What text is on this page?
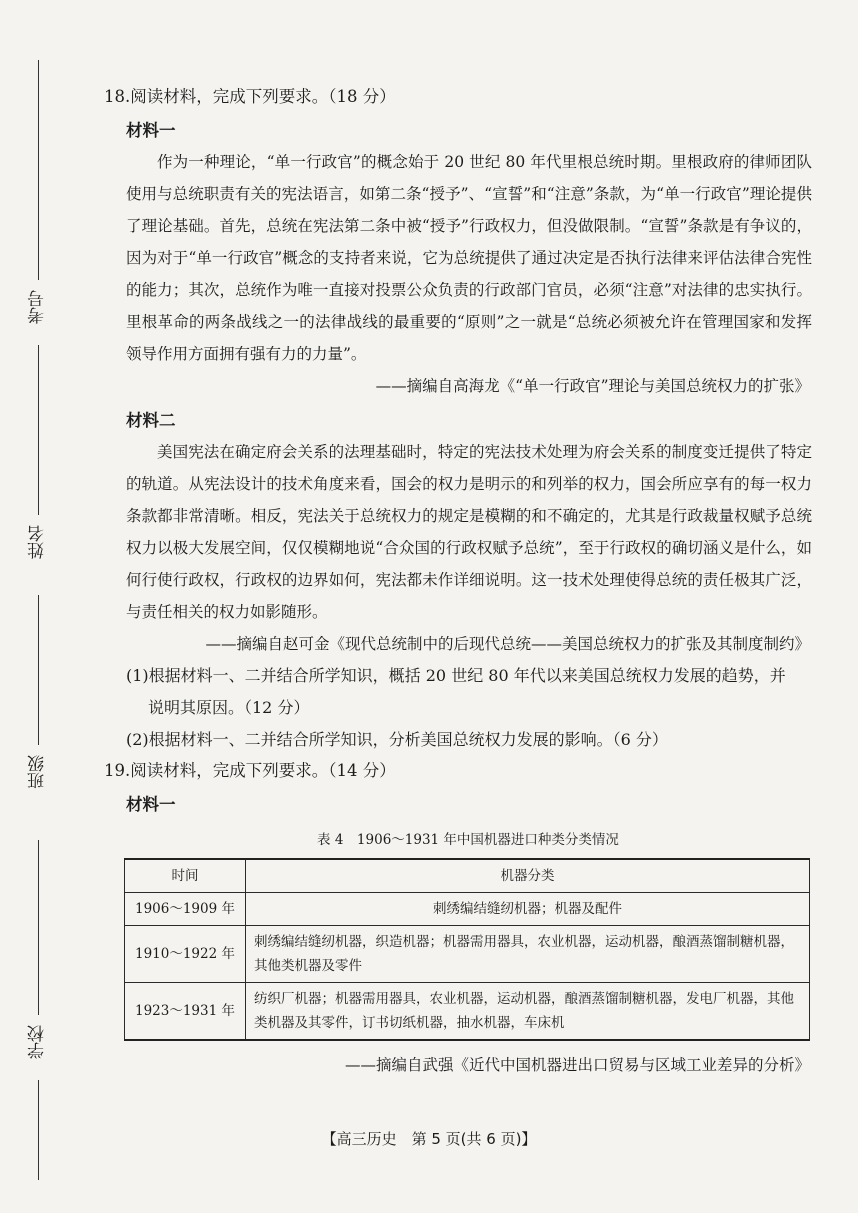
考号
姓名
班级
学校
18.阅读材料，完成下列要求。（18 分）
材料一

作为一种理论，“单一行政官”的概念始于 20 世纪 80 年代里根总统时期。里根政府的律师团队使用与总统职责有关的宪法语言，如第二条“授予”、“宣誓”和“注意”条款，为“单一行政官”理论提供了理论基础。首先，总统在宪法第二条中被“授予”行政权力，但没做限制。“宣誓”条款是有争议的，因为对于“单一行政官”概念的支持者来说，它为总统提供了通过决定是否执行法律来评估法律合宪性的能力；其次，总统作为唯一直接对投票公众负责的行政部门官员，必须“注意”对法律的忠实执行。里根革命的两条战线之一的法律战线的最重要的“原则”之一就是“总统必须被允许在管理国家和发挥领导作用方面拥有强有力的力量”。

——摘编自高海龙《“单一行政官”理论与美国总统权力的扩张》
材料二

美国宪法在确定府会关系的法理基础时，特定的宪法技术处理为府会关系的制度变迁提供了特定的轨道。从宪法设计的技术角度来看，国会的权力是明示的和列举的权力，国会所应享有的每一权力条款都非常清晰。相反，宪法关于总统权力的规定是模糊的和不确定的，尤其是行政裁量权赋予总统权力以极大发展空间，仅仅模糊地说“合众国的行政权赋予总统”，至于行政权的确切涵义是什么，如何行使行政权，行政权的边界如何，宪法都未作详细说明。这一技术处理使得总统的责任极其广泛，与责任相关的权力如影随形。

——摘编自赵可金《现代总统制中的后现代总统——美国总统权力的扩张及其制度制约》
(1)根据材料一、二并结合所学知识，概括 20 世纪 80 年代以来美国总统权力发展的趋势，并
说明其原因。（12 分）
(2)根据材料一、二并结合所学知识，分析美国总统权力发展的影响。（6 分）
19.阅读材料，完成下列要求。（14 分）
材料一
表 4　1906～1931 年中国机器进口种类分类情况
时间	机器分类
1906～1909 年	刺绣编结缝纫机器；机器及配件
1910～1922 年	刺绣编结缝纫机器，织造机器；机器需用器具，农业机器，运动机器，酿酒蒸馏制糖机器，其他类机器及零件
1923～1931 年	纺织厂机器；机器需用器具，农业机器，运动机器，酿酒蒸馏制糖机器，发电厂机器，其他类机器及其零件，订书切纸机器，抽水机器，车床机
——摘编自武强《近代中国机器进出口贸易与区域工业差异的分析》
【高三历史　第 5 页(共 6 页)】
